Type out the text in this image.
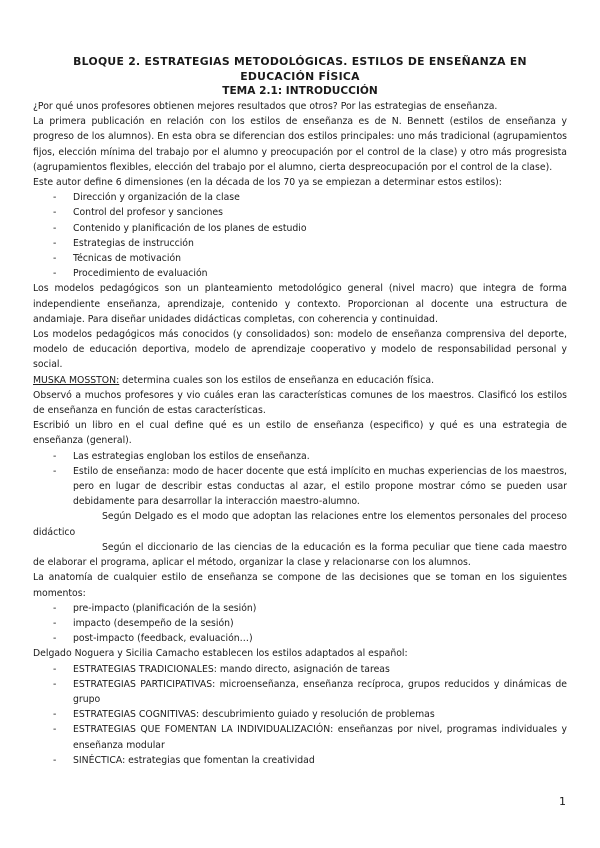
BLOQUE 2. ESTRATEGIAS METODOLÓGICAS. ESTILOS DE ENSEÑANZA EN
EDUCACIÓN FÍSICA
TEMA 2.1: INTRODUCCIÓN
¿Por qué unos profesores obtienen mejores resultados que otros? Por las estrategias de enseñanza.
La primera publicación en relación con los estilos de enseñanza es de N. Bennett (estilos de enseñanza y progreso de los alumnos). En esta obra se diferencian dos estilos principales: uno más tradicional (agrupamientos fijos, elección mínima del trabajo por el alumno y preocupación por el control de la clase) y otro más progresista (agrupamientos flexibles, elección del trabajo por el alumno, cierta despreocupación por el control de la clase).
Este autor define 6 dimensiones (en la década de los 70 ya se empiezan a determinar estos estilos):
- Dirección y organización de la clase
- Control del profesor y sanciones
- Contenido y planificación de los planes de estudio
- Estrategias de instrucción
- Técnicas de motivación
- Procedimiento de evaluación
Los modelos pedagógicos son un planteamiento metodológico general (nivel macro) que integra de forma independiente enseñanza, aprendizaje, contenido y contexto. Proporcionan al docente una estructura de andamiaje. Para diseñar unidades didácticas completas, con coherencia y continuidad.
Los modelos pedagógicos más conocidos (y consolidados) son: modelo de enseñanza comprensiva del deporte, modelo de educación deportiva, modelo de aprendizaje cooperativo y modelo de responsabilidad personal y social.
MUSKA MOSSTON: determina cuales son los estilos de enseñanza en educación física.
Observó a muchos profesores y vio cuáles eran las características comunes de los maestros. Clasificó los estilos de enseñanza en función de estas características.
Escribió un libro en el cual define qué es un estilo de enseñanza (especifico) y qué es una estrategia de enseñanza (general).
- Las estrategias engloban los estilos de enseñanza.
- Estilo de enseñanza: modo de hacer docente que está implícito en muchas experiencias de los maestros, pero en lugar de describir estas conductas al azar, el estilo propone mostrar cómo se pueden usar debidamente para desarrollar la interacción maestro-alumno.
Según Delgado es el modo que adoptan las relaciones entre los elementos personales del proceso didáctico
Según el diccionario de las ciencias de la educación es la forma peculiar que tiene cada maestro de elaborar el programa, aplicar el método, organizar la clase y relacionarse con los alumnos.
La anatomía de cualquier estilo de enseñanza se compone de las decisiones que se toman en los siguientes momentos:
- pre-impacto (planificación de la sesión)
- impacto (desempeño de la sesión)
- post-impacto (feedback, evaluación…)
Delgado Noguera y Sicilia Camacho establecen los estilos adaptados al español:
- ESTRATEGIAS TRADICIONALES: mando directo, asignación de tareas
- ESTRATEGIAS PARTICIPATIVAS: microenseñanza, enseñanza recíproca, grupos reducidos y dinámicas de grupo
- ESTRATEGIAS COGNITIVAS: descubrimiento guiado y resolución de problemas
- ESTRATEGIAS QUE FOMENTAN LA INDIVIDUALIZACIÓN: enseñanzas por nivel, programas individuales y enseñanza modular
- SINÉCTICA: estrategias que fomentan la creatividad
1
